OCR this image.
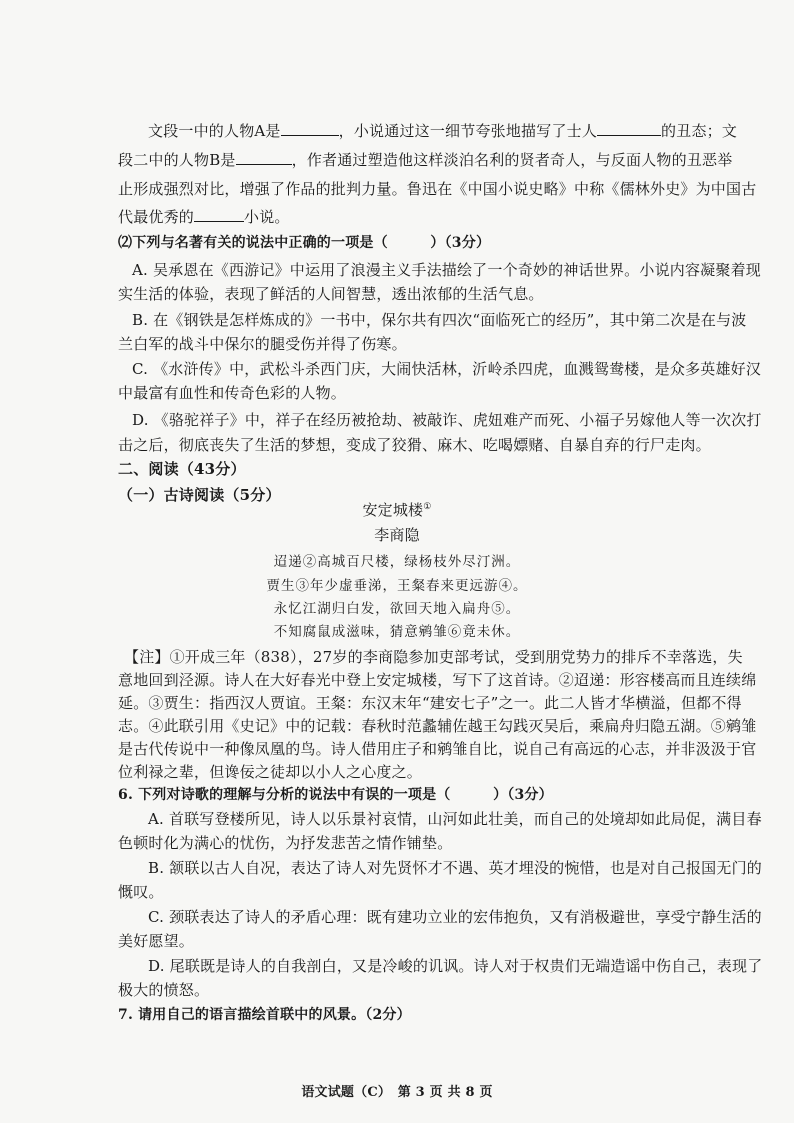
文段一中的人物A是	，小说通过这一细节夸张地描写了士人	的丑态；文
段二中的人物B是	，作者通过塑造他这样淡泊名利的贤者奇人，与反面人物的丑恶举
止形成强烈对比，增强了作品的批判力量。鲁迅在《中国小说史略》中称《儒林外史》为中国古
代最优秀的	小说。
⑵下列与名著有关的说法中正确的一项是（　　　）（3分）
A. 吴承恩在《西游记》中运用了浪漫主义手法描绘了一个奇妙的神话世界。小说内容凝聚着现
实生活的体验，表现了鲜活的人间智慧，透出浓郁的生活气息。
B. 在《钢铁是怎样炼成的》一书中，保尔共有四次“面临死亡的经历”，其中第二次是在与波
兰白军的战斗中保尔的腿受伤并得了伤寒。
C. 《水浒传》中，武松斗杀西门庆，大闹快活林，沂岭杀四虎，血溅鸳鸯楼，是众多英雄好汉
中最富有血性和传奇色彩的人物。
D. 《骆驼祥子》中，祥子在经历被抢劫、被敲诈、虎妞难产而死、小福子另嫁他人等一次次打
击之后，彻底丧失了生活的梦想，变成了狡猾、麻木、吃喝嫖赌、自暴自弃的行尸走肉。
二、阅读（43分）
（一）古诗阅读（5分）
安定城楼①
李商隐
迢递②高城百尺楼，绿杨枝外尽汀洲。
贾生③年少虚垂涕，王粲春来更远游④。
永忆江湖归白发，欲回天地入扁舟⑤。
不知腐鼠成滋味，猜意鹓雏⑥竟未休。
【注】①开成三年（838），27岁的李商隐参加吏部考试，受到朋党势力的排斥不幸落选，失
意地回到泾源。诗人在大好春光中登上安定城楼，写下了这首诗。②迢递：形容楼高而且连续绵
延。③贾生：指西汉人贾谊。王粲：东汉末年“建安七子”之一。此二人皆才华横溢，但都不得
志。④此联引用《史记》中的记载：春秋时范蠡辅佐越王勾践灭吴后，乘扁舟归隐五湖。⑤鹓雏
是古代传说中一种像凤凰的鸟。诗人借用庄子和鹓雏自比，说自己有高远的心志，并非汲汲于官
位利禄之辈，但谗佞之徒却以小人之心度之。
6. 下列对诗歌的理解与分析的说法中有误的一项是（　　　）（3分）
A. 首联写登楼所见，诗人以乐景衬哀情，山河如此壮美，而自己的处境却如此局促，满目春
色顿时化为满心的忧伤，为抒发悲苦之情作铺垫。
B. 颔联以古人自况，表达了诗人对先贤怀才不遇、英才埋没的惋惜，也是对自己报国无门的
慨叹。
C. 颈联表达了诗人的矛盾心理：既有建功立业的宏伟抱负，又有消极避世，享受宁静生活的
美好愿望。
D. 尾联既是诗人的自我剖白，又是冷峻的讥讽。诗人对于权贵们无端造谣中伤自己，表现了
极大的愤怒。
7. 请用自己的语言描绘首联中的风景。（2分）
语文试题（C）　第 3 页 共 8 页
